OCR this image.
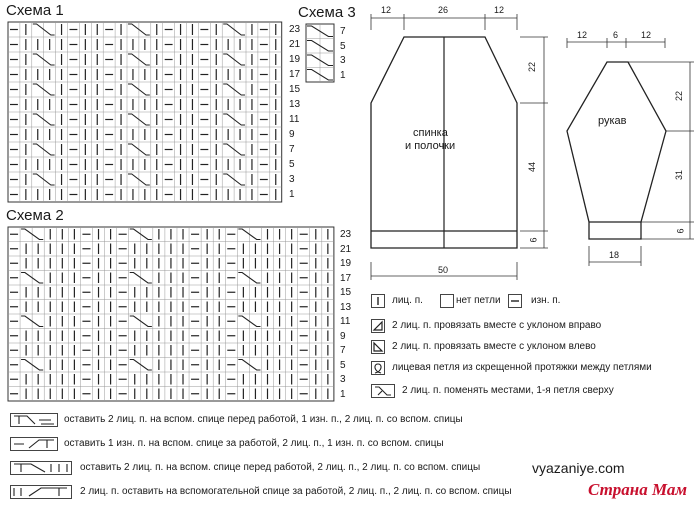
Схема 1
23
21
19
17
15
13
11
9
7
5
3
1
Схема 3
7
5
3
1
Схема 2
23
21
19
17
15
13
11
9
7
5
3
1
12	26	12
22
44
6
50
спинка
и полочки
12	6	12
22
31
6
18
рукав
лиц. п.	нет петли	изн. п.
2 лиц. п. провязать вместе с уклоном вправо
2 лиц. п. провязать вместе с уклоном влево
лицевая петля из скрещенной протяжки между петлями
2 лиц. п. поменять местами, 1-я петля сверху
оставить 2 лиц. п. на вспом. спице перед работой, 1 изн. п., 2 лиц. п. со вспом. спицы
оставить 1 изн. п. на вспом. спице за работой, 2 лиц. п., 1 изн. п. со вспом. спицы
оставить 2 лиц. п. на вспом. спице перед работой, 2 лиц. п., 2 лиц. п. со вспом. спицы
2 лиц. п. оставить на вспомогательной спице за работой, 2 лиц. п., 2 лиц. п. со вспом. спицы
vyazaniye.com
Страна Мам
